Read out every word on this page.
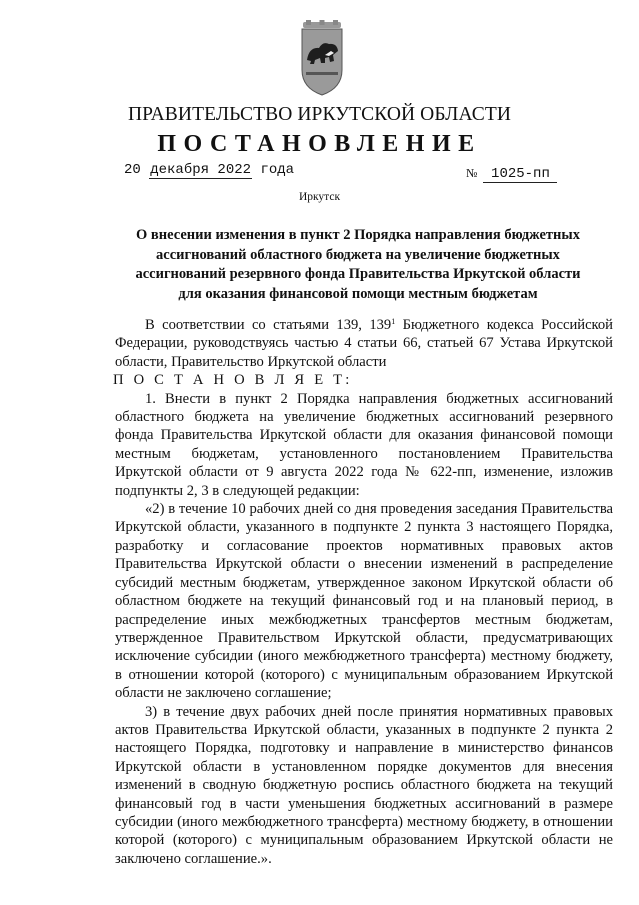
ПРАВИТЕЛЬСТВО ИРКУТСКОЙ ОБЛАСТИ
ПОСТАНОВЛЕНИЕ
20 декабря 2022 года	№ 1025-пп
Иркутск
О внесении изменения в пункт 2 Порядка направления бюджетных
ассигнований областного бюджета на увеличение бюджетных
ассигнований резервного фонда Правительства Иркутской области
для оказания финансовой помощи местным бюджетам

В соответствии со статьями 139, $139^1$ Бюджетного кодекса Российской Федерации, руководствуясь частью 4 статьи 66, статьей 67 Устава Иркутской области, Правительство Иркутской области

П О С Т А Н О В Л Я Е Т:

1. Внести в пункт 2 Порядка направления бюджетных ассигнований областного бюджета на увеличение бюджетных ассигнований резервного фонда Правительства Иркутской области для оказания финансовой помощи местным бюджетам, установленного постановлением Правительства Иркутской области от 9 августа 2022 года № 622-пп, изменение, изложив подпункты 2, 3 в следующей редакции:

«2) в течение 10 рабочих дней со дня проведения заседания Правительства Иркутской области, указанного в подпункте 2 пункта 3 настоящего Порядка, разработку и согласование проектов нормативных правовых актов Правительства Иркутской области о внесении изменений в распределение субсидий местным бюджетам, утвержденное законом Иркутской области об областном бюджете на текущий финансовый год и на плановый период, в распределение иных межбюджетных трансфертов местным бюджетам, утвержденное Правительством Иркутской области, предусматривающих исключение субсидии (иного межбюджетного трансферта) местному бюджету, в отношении которой (которого) с муниципальным образованием Иркутской области не заключено соглашение;

3) в течение двух рабочих дней после принятия нормативных правовых актов Правительства Иркутской области, указанных в подпункте 2 пункта 2 настоящего Порядка, подготовку и направление в министерство финансов Иркутской области в установленном порядке документов для внесения изменений в сводную бюджетную роспись областного бюджета на текущий финансовый год в части уменьшения бюджетных ассигнований в размере субсидии (иного межбюджетного трансферта) местному бюджету, в отношении которой (которого) с муниципальным образованием Иркутской области не заключено соглашение.».
